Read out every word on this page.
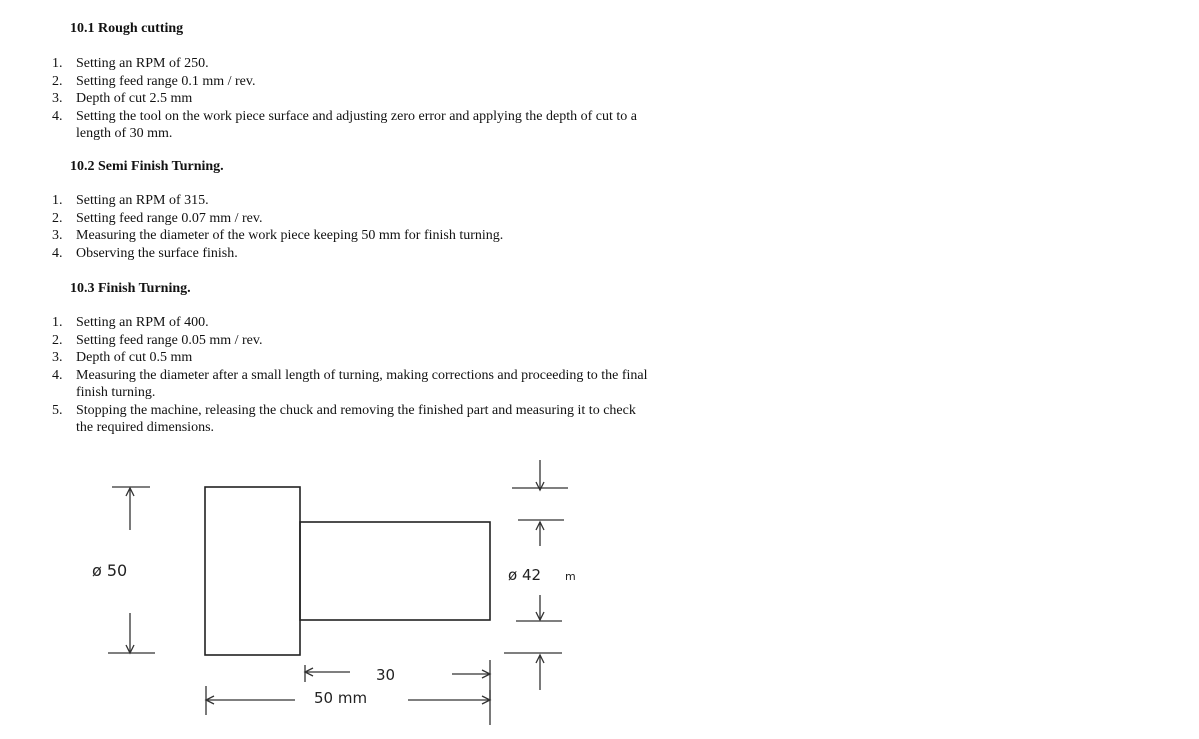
10.1 Rough cutting
1. Setting an RPM of 250.
2. Setting feed range 0.1 mm / rev.
3. Depth of cut 2.5 mm
4. Setting the tool on the work piece surface and adjusting zero error and applying the depth of cut to a length of 30 mm.
10.2 Semi Finish Turning.
1. Setting an RPM of 315.
2. Setting feed range 0.07 mm / rev.
3. Measuring the diameter of the work piece keeping 50 mm for finish turning.
4. Observing the surface finish.
10.3 Finish Turning.
1. Setting an RPM of 400.
2. Setting feed range 0.05 mm / rev.
3. Depth of cut 0.5 mm
4. Measuring the diameter after a small length of turning, making corrections and proceeding to the final finish turning.
5. Stopping the machine, releasing the chuck and removing the finished part and measuring it to check the required dimensions.
ø 50	ø 42 m
30
50 mm
